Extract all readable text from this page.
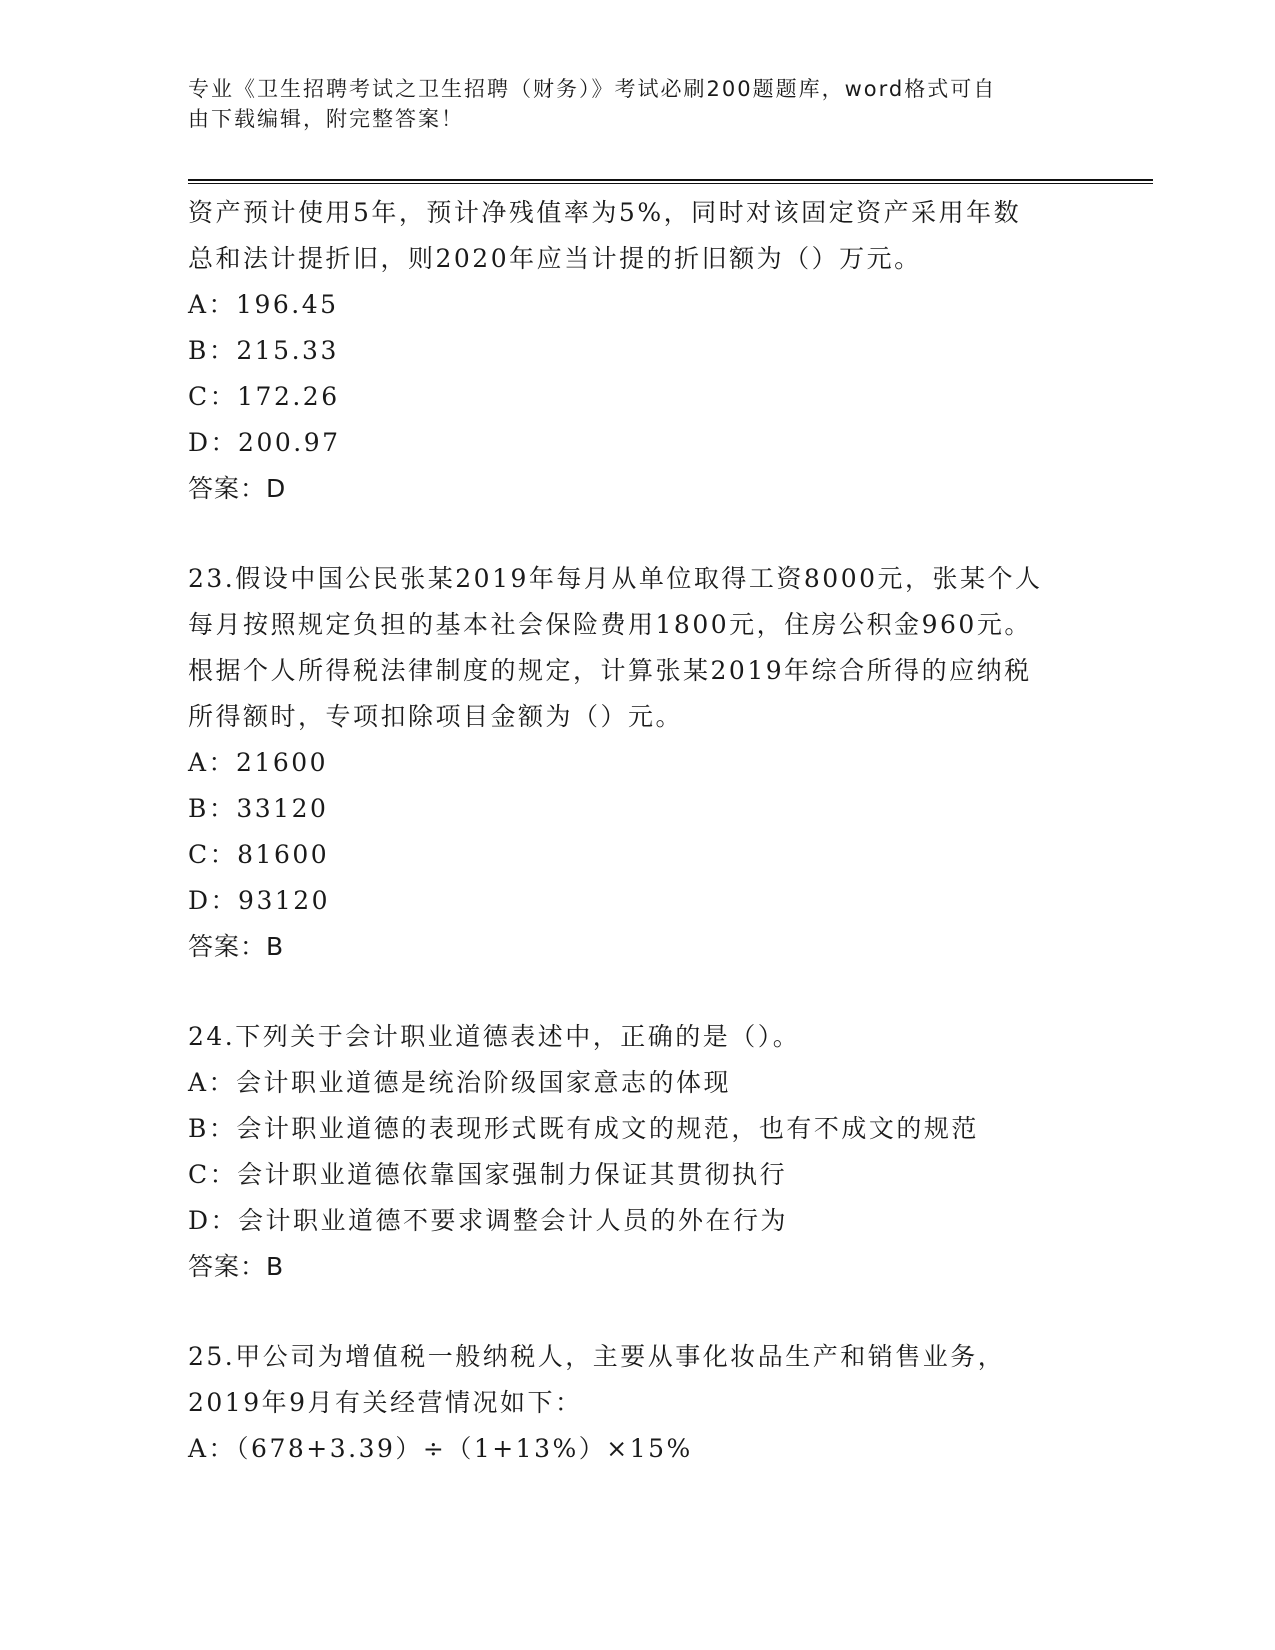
专业《卫生招聘考试之卫生招聘（财务）》考试必刷200题题库，word格式可自
由下载编辑，附完整答案！
资产预计使用5年，预计净残值率为5%，同时对该固定资产采用年数
总和法计提折旧，则2020年应当计提的折旧额为（）万元。
A：196.45
B：215.33
C：172.26
D：200.97
答案：D
23.假设中国公民张某2019年每月从单位取得工资8000元，张某个人
每月按照规定负担的基本社会保险费用1800元，住房公积金960元。
根据个人所得税法律制度的规定，计算张某2019年综合所得的应纳税
所得额时，专项扣除项目金额为（）元。
A：21600
B：33120
C：81600
D：93120
答案：B
24.下列关于会计职业道德表述中，正确的是（）。
A：会计职业道德是统治阶级国家意志的体现
B：会计职业道德的表现形式既有成文的规范，也有不成文的规范
C：会计职业道德依靠国家强制力保证其贯彻执行
D：会计职业道德不要求调整会计人员的外在行为
答案：B
25.甲公司为增值税一般纳税人，主要从事化妆品生产和销售业务，
2019年9月有关经营情况如下：
A：（678+3.39）÷（1+13%）×15%
